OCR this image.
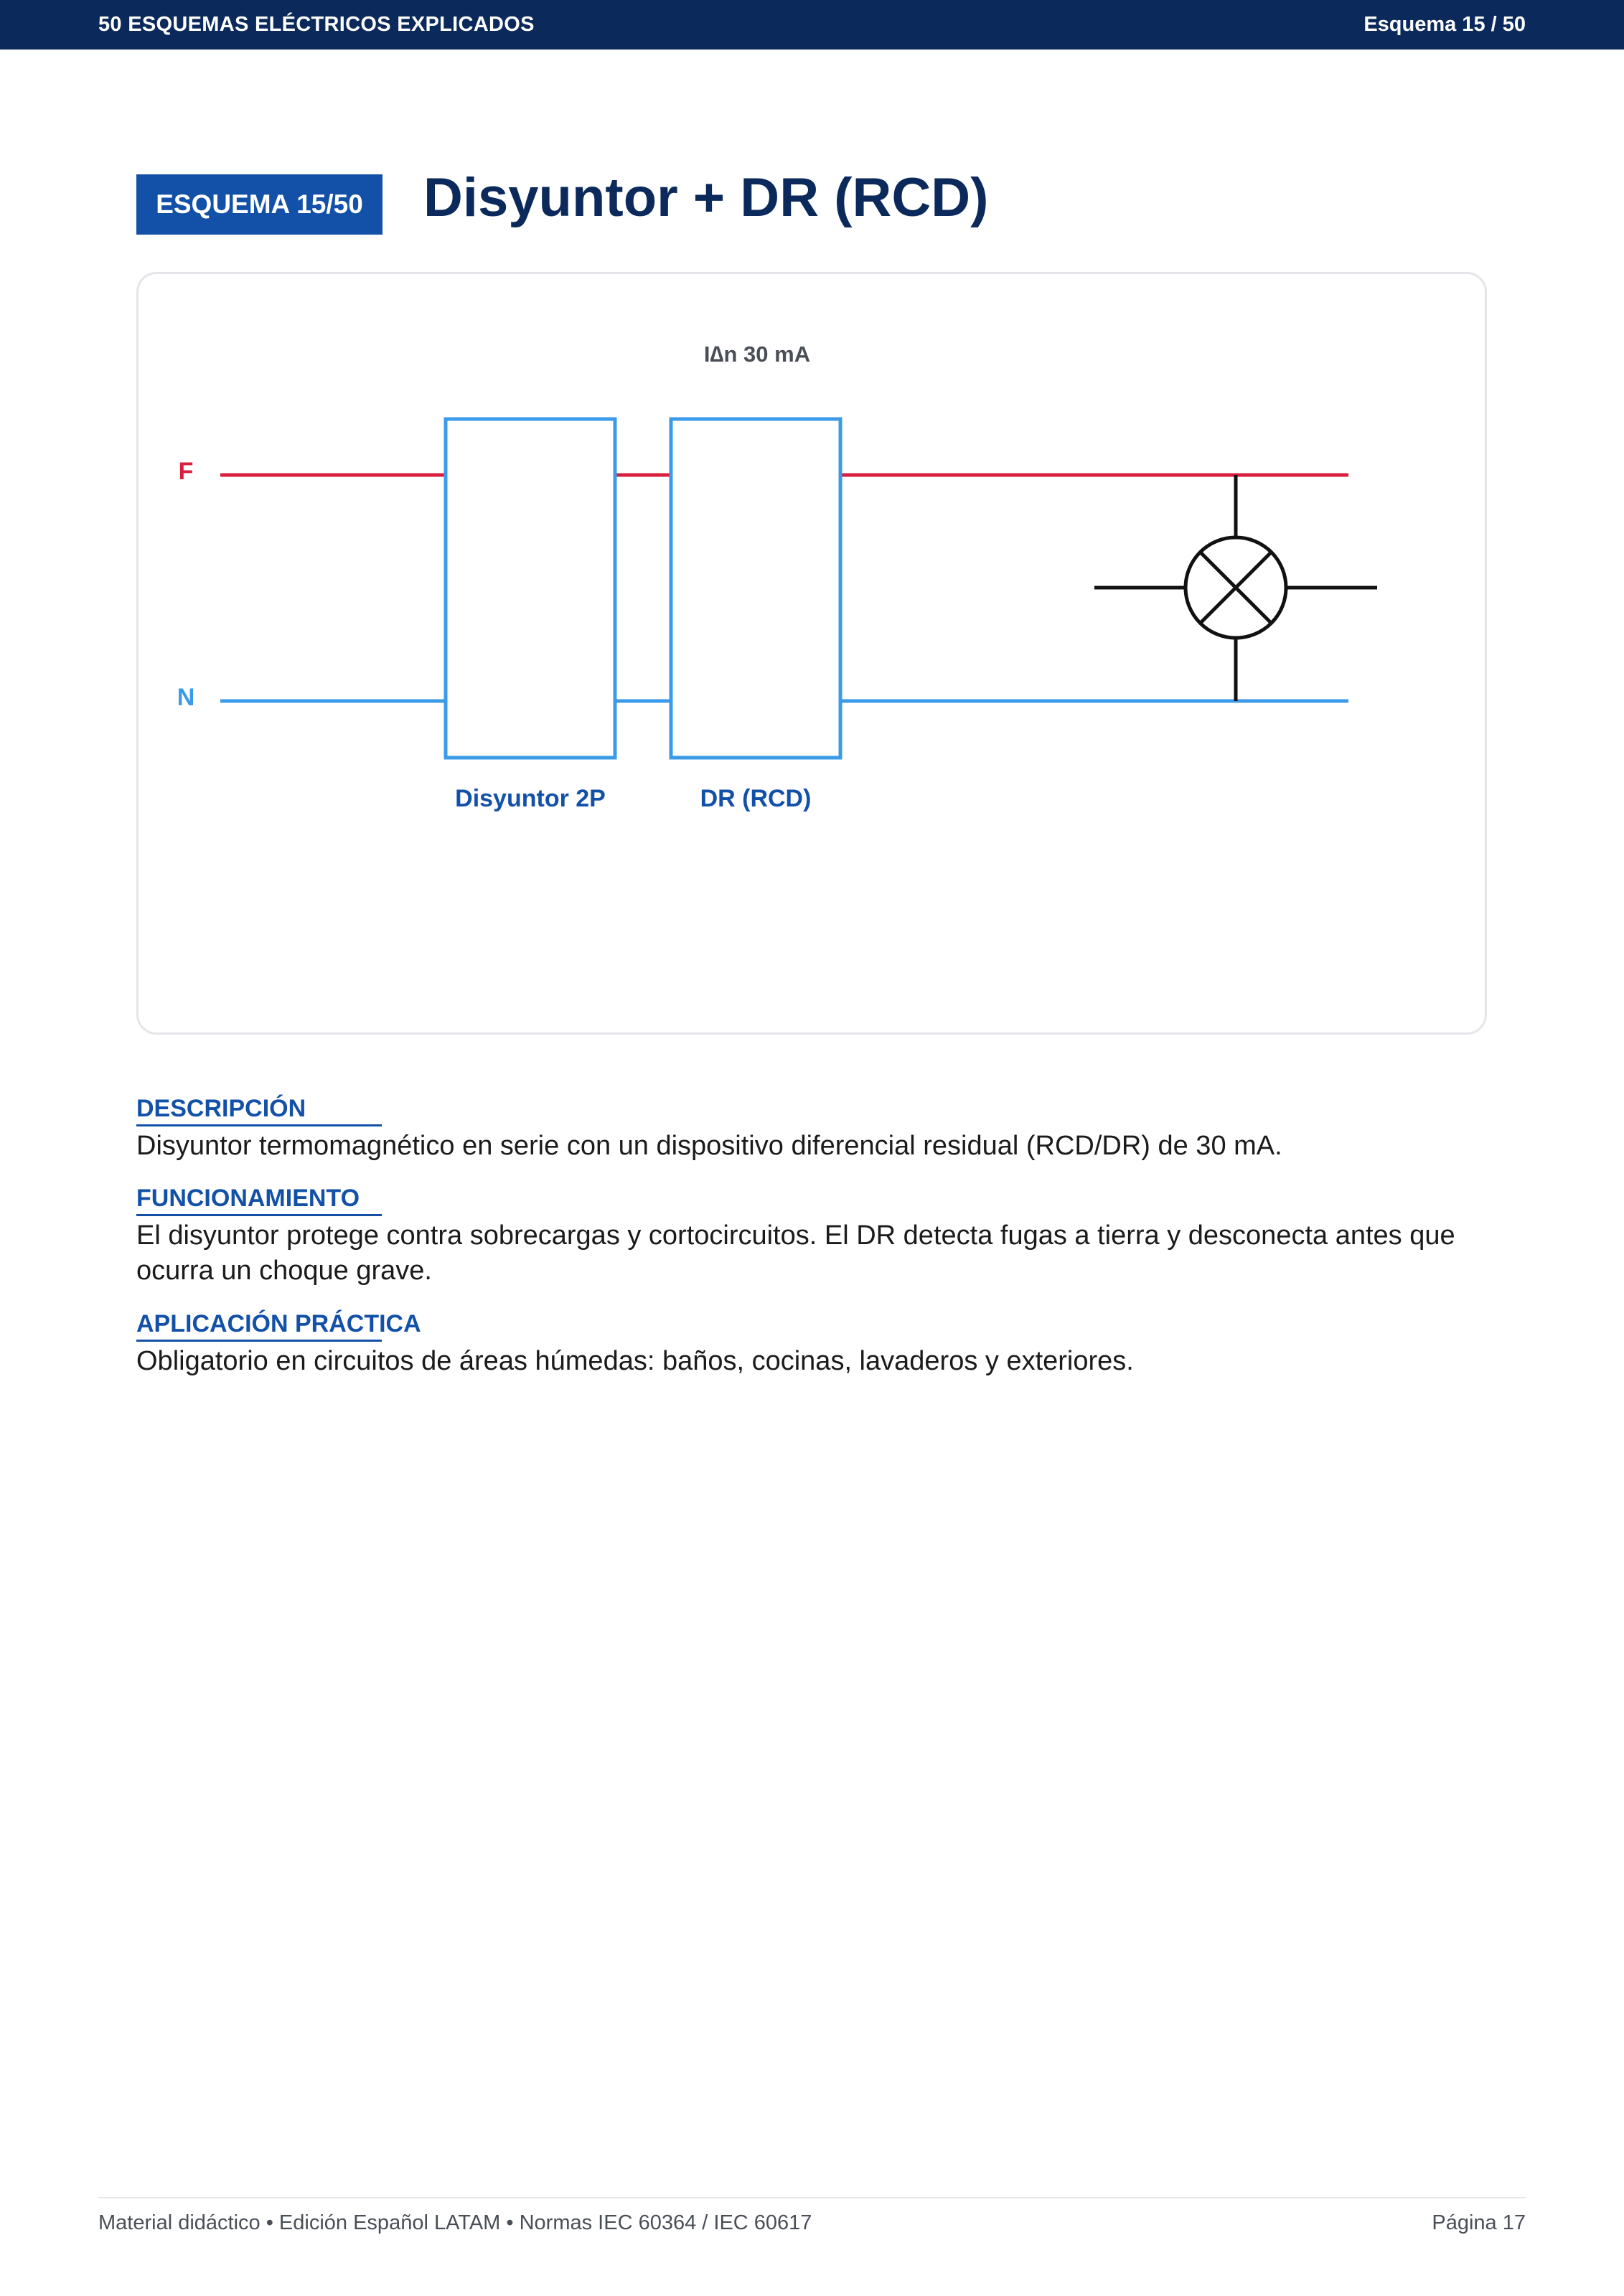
50 ESQUEMAS ELÉCTRICOS EXPLICADOS	Esquema 15 / 50
ESQUEMA 15/50	Disyuntor + DR (RCD)
I∆n 30 mA
F
N
Disyuntor 2P	DR (RCD)
DESCRIPCIÓN
Disyuntor termomagnético en serie con un dispositivo diferencial residual (RCD/DR) de 30 mA.
FUNCIONAMIENTO
El disyuntor protege contra sobrecargas y cortocircuitos. El DR detecta fugas a tierra y desconecta antes que ocurra un choque grave.
APLICACIÓN PRÁCTICA
Obligatorio en circuitos de áreas húmedas: baños, cocinas, lavaderos y exteriores.
Material didáctico • Edición Español LATAM • Normas IEC 60364 / IEC 60617	Página 17
